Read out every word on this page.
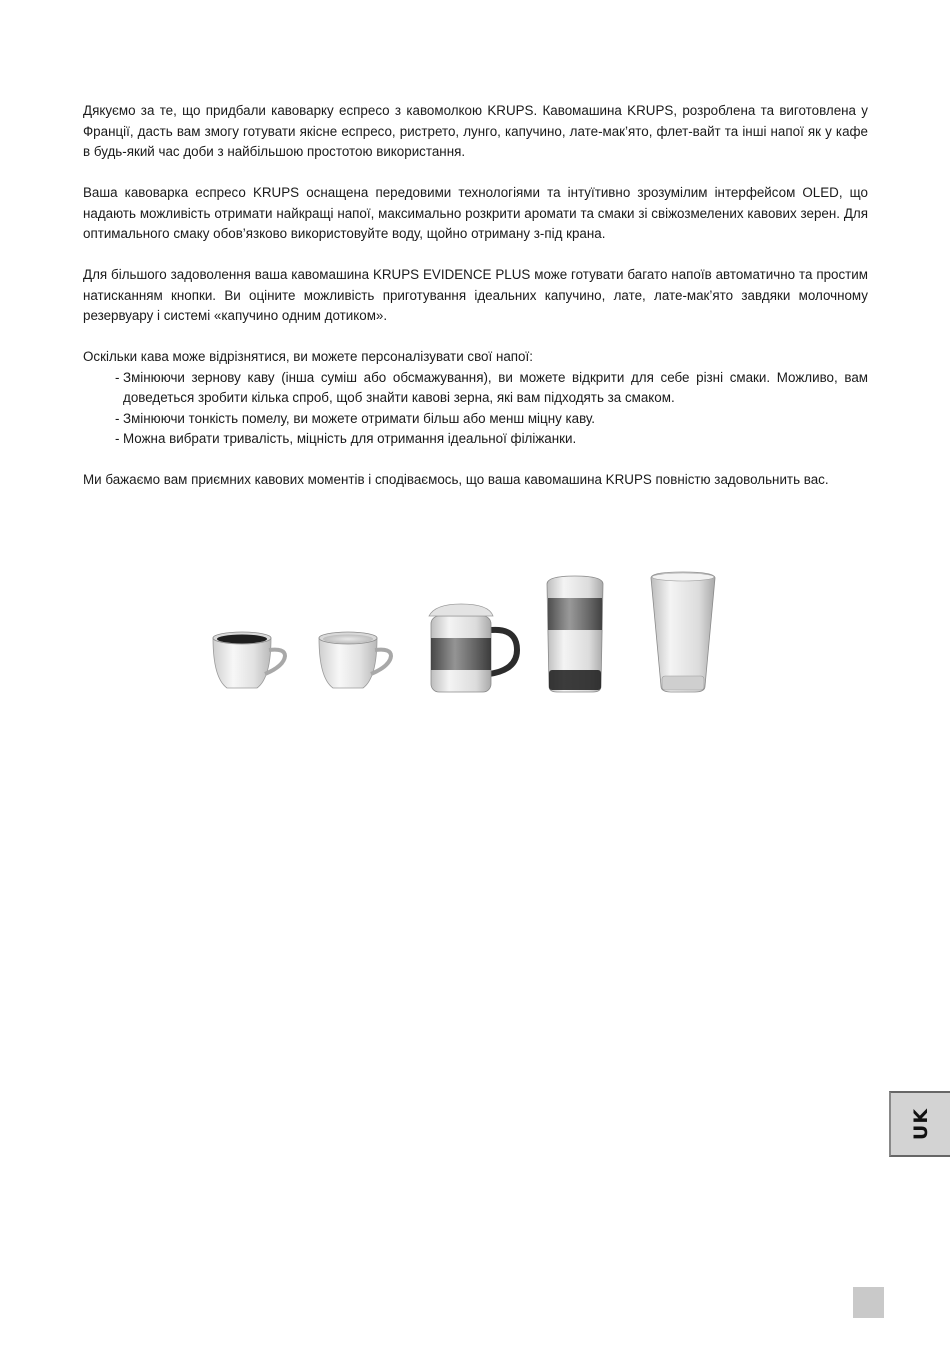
Дякуємо за те, що придбали кавоварку еспресо з кавомолкою KRUPS. Кавомашина KRUPS, розроблена та виготовлена у Франції, дасть вам змогу готувати якісне еспресо, ристрето, лунго, капучино, лате-мак’ято, флет-вайт та інші напої як у кафе в будь-який час доби з найбільшою простотою використання.

Ваша кавоварка еспресо KRUPS оснащена передовими технологіями та інтуїтивно зрозумілим інтерфейсом OLED, що надають можливість отримати найкращі напої, максимально розкрити аромати та смаки зі свіжозмелених кавових зерен. Для оптимального смаку обов’язково використовуйте воду, щойно отриману з-під крана.

Для більшого задоволення ваша кавомашина KRUPS EVIDENCE PLUS може готувати багато напоїв автоматично та простим натисканням кнопки. Ви оціните можливість приготування ідеальних капучино, лате, лате-мак’ято завдяки молочному резервуару і системі «капучино одним дотиком».

Оскільки кава може відрізнятися, ви можете персоналізувати свої напої:

- Змінюючи зернову каву (інша суміш або обсмажування), ви можете відкрити для себе різні смаки. Можливо, вам доведеться зробити кілька спроб, щоб знайти кавові зерна, які вам підходять за смаком.
- Змінюючи тонкість помелу, ви можете отримати більш або менш міцну каву.
- Можна вибрати тривалість, міцність для отримання ідеальної філіжанки.

Ми бажаємо вам приємних кавових моментів і сподіваємось, що ваша кавомашина KRUPS повністю задовольнить вас.

UK
